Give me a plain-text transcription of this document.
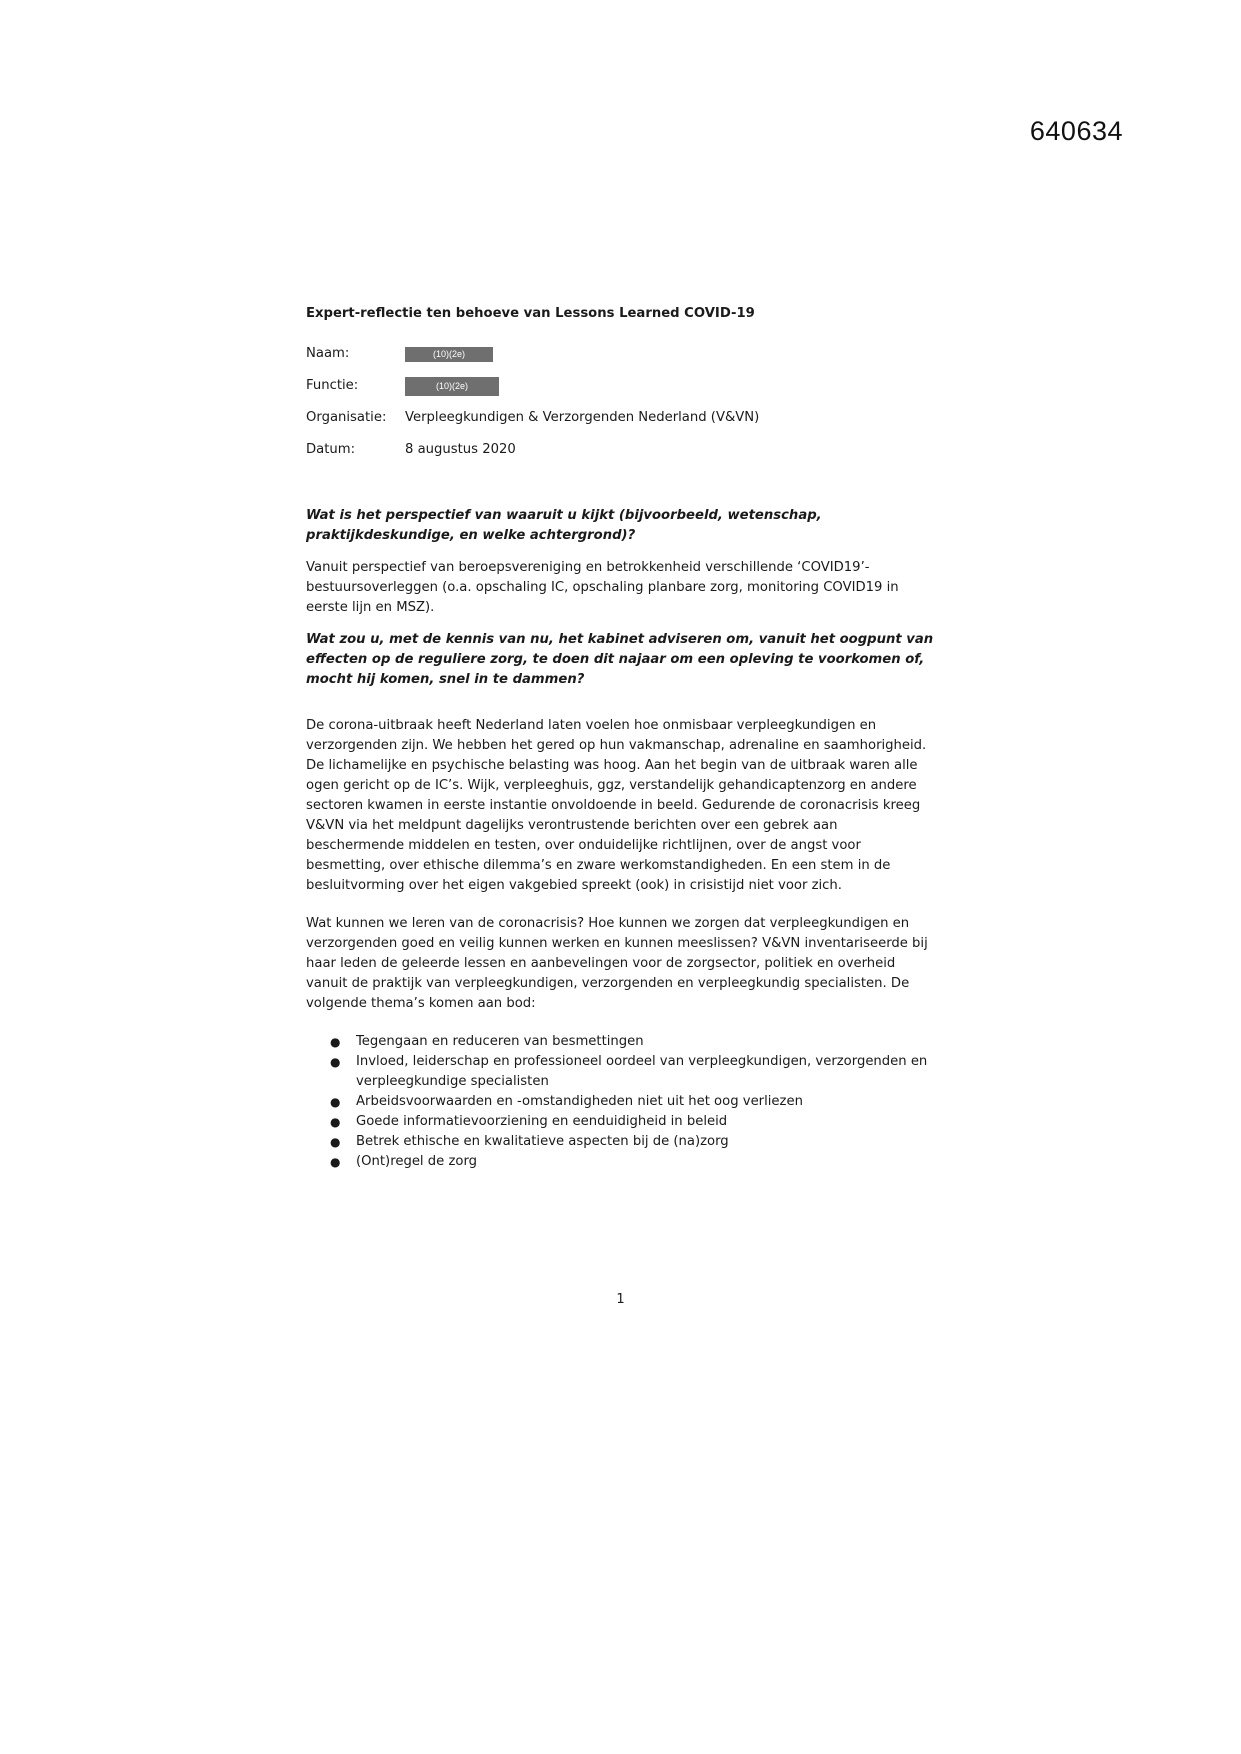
640634
Expert-reflectie ten behoeve van Lessons Learned COVID-19
Naam:	(10)(2e)
Functie:	(10)(2e)
Organisatie:	Verpleegkundigen & Verzorgenden Nederland (V&VN)
Datum:	8 augustus 2020
Wat is het perspectief van waaruit u kijkt (bijvoorbeeld, wetenschap, praktijkdeskundige, en welke achtergrond)?
Vanuit perspectief van beroepsvereniging en betrokkenheid verschillende ‘COVID19’-bestuursoverleggen (o.a. opschaling IC, opschaling planbare zorg, monitoring COVID19 in eerste lijn en MSZ).
Wat zou u, met de kennis van nu, het kabinet adviseren om, vanuit het oogpunt van effecten op de reguliere zorg, te doen dit najaar om een opleving te voorkomen of, mocht hij komen, snel in te dammen?
De corona-uitbraak heeft Nederland laten voelen hoe onmisbaar verpleegkundigen en verzorgenden zijn. We hebben het gered op hun vakmanschap, adrenaline en saamhorigheid. De lichamelijke en psychische belasting was hoog. Aan het begin van de uitbraak waren alle ogen gericht op de IC’s. Wijk, verpleeghuis, ggz, verstandelijk gehandicaptenzorg en andere sectoren kwamen in eerste instantie onvoldoende in beeld. Gedurende de coronacrisis kreeg V&VN via het meldpunt dagelijks verontrustende berichten over een gebrek aan beschermende middelen en testen, over onduidelijke richtlijnen, over de angst voor besmetting, over ethische dilemma’s en zware werkomstandigheden. En een stem in de besluitvorming over het eigen vakgebied spreekt (ook) in crisistijd niet voor zich.
Wat kunnen we leren van de coronacrisis? Hoe kunnen we zorgen dat verpleegkundigen en verzorgenden goed en veilig kunnen werken en kunnen meeslissen? V&VN inventariseerde bij haar leden de geleerde lessen en aanbevelingen voor de zorgsector, politiek en overheid vanuit de praktijk van verpleegkundigen, verzorgenden en verpleegkundig specialisten. De volgende thema’s komen aan bod:
● Tegengaan en reduceren van besmettingen
● Invloed, leiderschap en professioneel oordeel van verpleegkundigen, verzorgenden en verpleegkundige specialisten
● Arbeidsvoorwaarden en -omstandigheden niet uit het oog verliezen
● Goede informatievoorziening en eenduidigheid in beleid
● Betrek ethische en kwalitatieve aspecten bij de (na)zorg
● (Ont)regel de zorg
1
